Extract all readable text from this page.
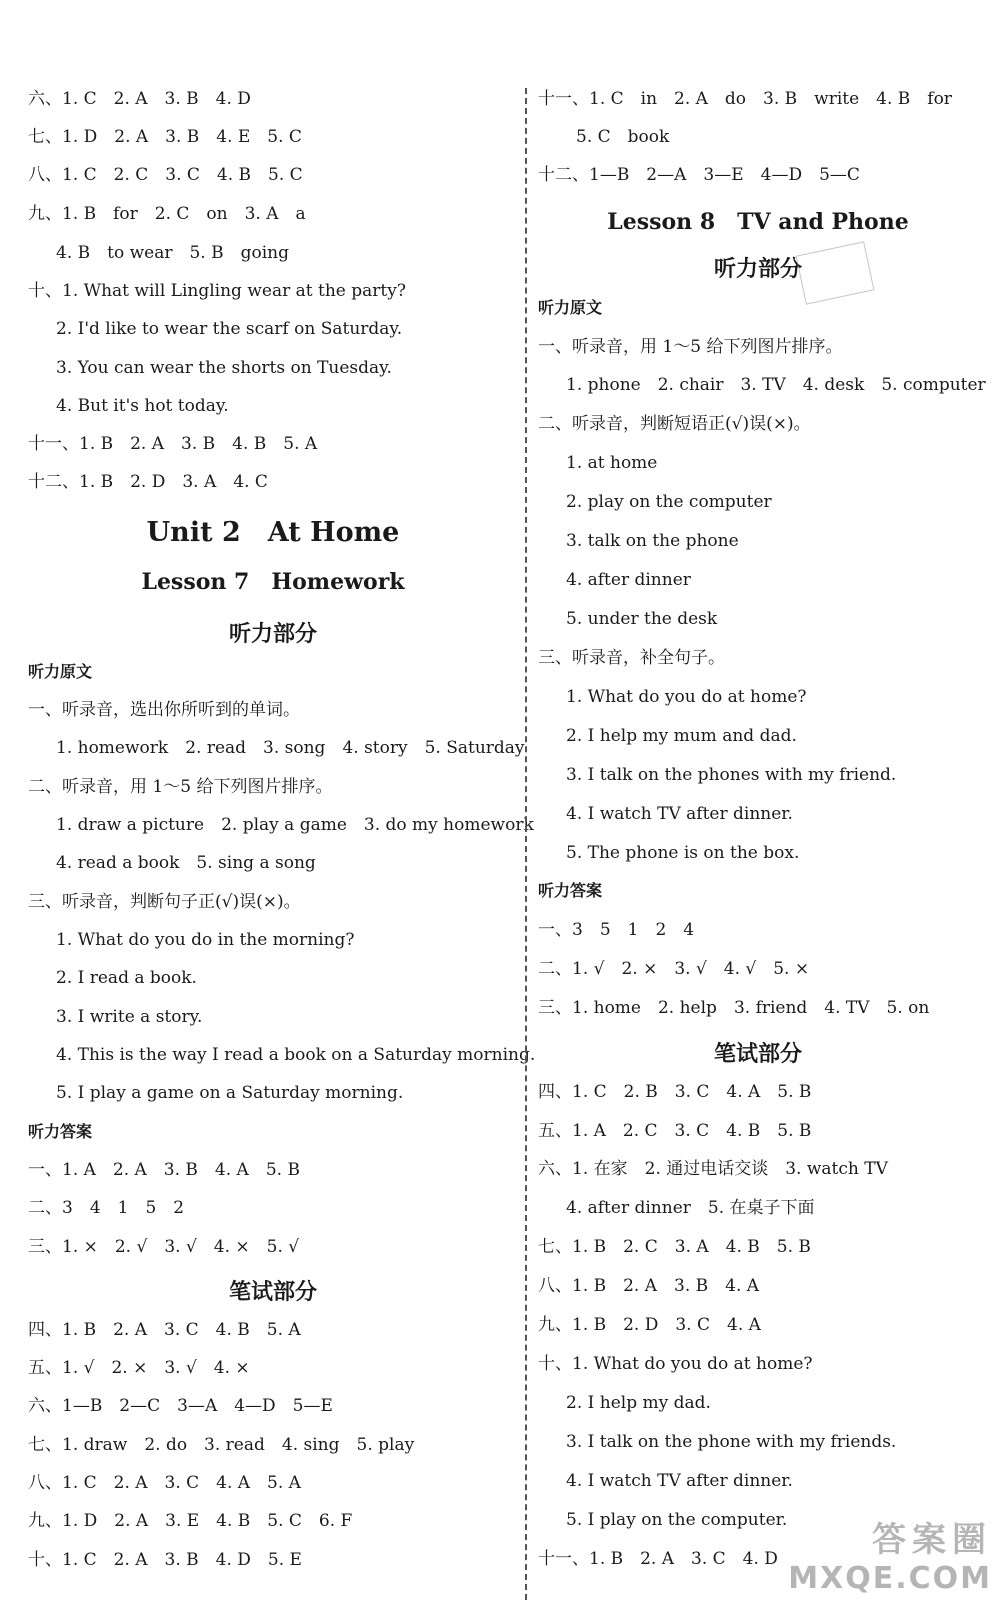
六、1. C　2. A　3. B　4. D
七、1. D　2. A　3. B　4. E　5. C
八、1. C　2. C　3. C　4. B　5. C
九、1. B　for　2. C　on　3. A　a
4. B　to wear　5. B　going
十、1. What will Lingling wear at the party?
2. I'd like to wear the scarf on Saturday.
3. You can wear the shorts on Tuesday.
4. But it's hot today.
十一、1. B　2. A　3. B　4. B　5. A
十二、1. B　2. D　3. A　4. C
Unit 2　At Home
Lesson 7　Homework
听力部分
听力原文
一、听录音，选出你所听到的单词。
1. homework　2. read　3. song　4. story　5. Saturday
二、听录音，用 1～5 给下列图片排序。
1. draw a picture　2. play a game　3. do my homework
4. read a book　5. sing a song
三、听录音，判断句子正(√)误(×)。
1. What do you do in the morning?
2. I read a book.
3. I write a story.
4. This is the way I read a book on a Saturday morning.
5. I play a game on a Saturday morning.
听力答案
一、1. A　2. A　3. B　4. A　5. B
二、3　4　1　5　2
三、1. ×　2. √　3. √　4. ×　5. √
笔试部分
四、1. B　2. A　3. C　4. B　5. A
五、1. √　2. ×　3. √　4. ×
六、1—B　2—C　3—A　4—D　5—E
七、1. draw　2. do　3. read　4. sing　5. play
八、1. C　2. A　3. C　4. A　5. A
九、1. D　2. A　3. E　4. B　5. C　6. F
十、1. C　2. A　3. B　4. D　5. E
十一、1. C　in　2. A　do　3. B　write　4. B　for
5. C　book
十二、1—B　2—A　3—E　4—D　5—C
Lesson 8　TV and Phone
听力部分
听力原文
一、听录音，用 1～5 给下列图片排序。
1. phone　2. chair　3. TV　4. desk　5. computer
二、听录音，判断短语正(√)误(×)。
1. at home
2. play on the computer
3. talk on the phone
4. after dinner
5. under the desk
三、听录音，补全句子。
1. What do you do at home?
2. I help my mum and dad.
3. I talk on the phones with my friend.
4. I watch TV after dinner.
5. The phone is on the box.
听力答案
一、3　5　1　2　4
二、1. √　2. ×　3. √　4. √　5. ×
三、1. home　2. help　3. friend　4. TV　5. on
笔试部分
四、1. C　2. B　3. C　4. A　5. B
五、1. A　2. C　3. C　4. B　5. B
六、1. 在家　2. 通过电话交谈　3. watch TV
4. after dinner　5. 在桌子下面
七、1. B　2. C　3. A　4. B　5. B
八、1. B　2. A　3. B　4. A
九、1. B　2. D　3. C　4. A
十、1. What do you do at home?
2. I help my dad.
3. I talk on the phone with my friends.
4. I watch TV after dinner.
5. I play on the computer.
十一、1. B　2. A　3. C　4. D	答案圈
MXQE.COM
